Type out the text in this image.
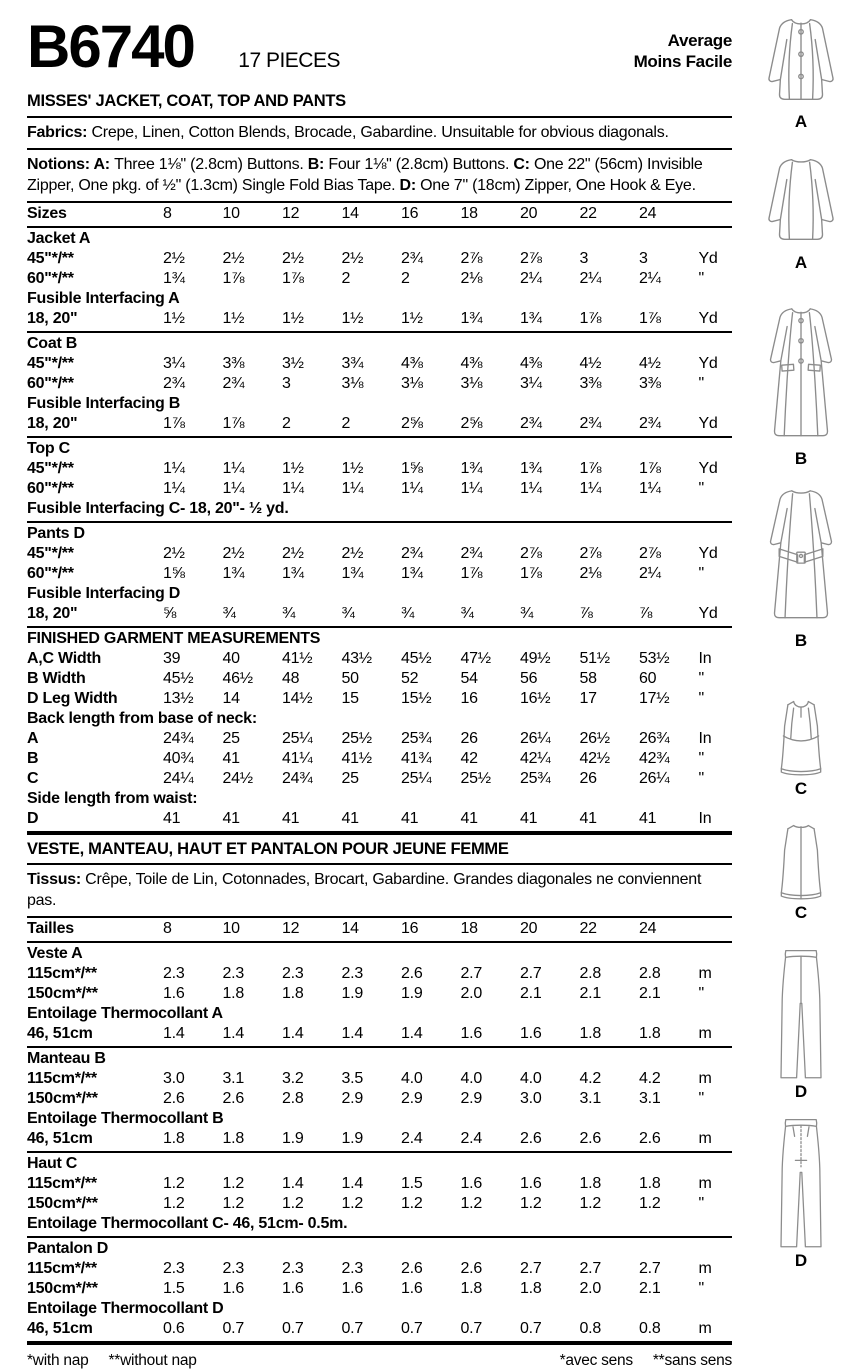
B6740 17 PIECES
Average
Moins Facile
MISSES' JACKET, COAT, TOP AND PANTS
Fabrics: Crepe, Linen, Cotton Blends, Brocade, Gabardine. Unsuitable for obvious diagonals.
Notions: A: Three 1⅛" (2.8cm) Buttons. B: Four 1⅛" (2.8cm) Buttons. C: One 22" (56cm) Invisible Zipper, One pkg. of ½" (1.3cm) Single Fold Bias Tape. D: One 7" (18cm) Zipper, One Hook & Eye.
Sizes	8	10	12	14	16	18	20	22	24
Jacket A
45"*/**	2½	2½	2½	2½	2¾	2⅞	2⅞	3	3	Yd
60"*/**	1¾	1⅞	1⅞	2	2	2⅛	2¼	2¼	2¼	"
Fusible Interfacing A
18, 20"	1½	1½	1½	1½	1½	1¾	1¾	1⅞	1⅞	Yd
Coat B
45"*/**	3¼	3⅜	3½	3¾	4⅜	4⅜	4⅜	4½	4½	Yd
60"*/**	2¾	2¾	3	3⅛	3⅛	3⅛	3¼	3⅜	3⅜	"
Fusible Interfacing B
18, 20"	1⅞	1⅞	2	2	2⅝	2⅝	2¾	2¾	2¾	Yd
Top C
45"*/**	1¼	1¼	1½	1½	1⅝	1¾	1¾	1⅞	1⅞	Yd
60"*/**	1¼	1¼	1¼	1¼	1¼	1¼	1¼	1¼	1¼	"
Fusible Interfacing C- 18, 20"- ½ yd.
Pants D
45"*/**	2½	2½	2½	2½	2¾	2¾	2⅞	2⅞	2⅞	Yd
60"*/**	1⅝	1¾	1¾	1¾	1¾	1⅞	1⅞	2⅛	2¼	"
Fusible Interfacing D
18, 20"	⅝	¾	¾	¾	¾	¾	¾	⅞	⅞	Yd
FINISHED GARMENT MEASUREMENTS
A,C Width	39	40	41½	43½	45½	47½	49½	51½	53½	In
B Width	45½	46½	48	50	52	54	56	58	60	"
D Leg Width	13½	14	14½	15	15½	16	16½	17	17½	"
Back length from base of neck:
A	24¾	25	25¼	25½	25¾	26	26¼	26½	26¾	In
B	40¾	41	41¼	41½	41¾	42	42¼	42½	42¾	"
C	24¼	24½	24¾	25	25¼	25½	25¾	26	26¼	"
Side length from waist:
D	41	41	41	41	41	41	41	41	41	In
VESTE, MANTEAU, HAUT ET PANTALON POUR JEUNE FEMME
Tissus: Crêpe, Toile de Lin, Cotonnades, Brocart, Gabardine. Grandes diagonales ne conviennent pas.
Tailles	8	10	12	14	16	18	20	22	24
Veste A
115cm*/**	2.3	2.3	2.3	2.3	2.6	2.7	2.7	2.8	2.8	m
150cm*/**	1.6	1.8	1.8	1.9	1.9	2.0	2.1	2.1	2.1	"
Entoilage Thermocollant A
46, 51cm	1.4	1.4	1.4	1.4	1.4	1.6	1.6	1.8	1.8	m
Manteau B
115cm*/**	3.0	3.1	3.2	3.5	4.0	4.0	4.0	4.2	4.2	m
150cm*/**	2.6	2.6	2.8	2.9	2.9	2.9	3.0	3.1	3.1	"
Entoilage Thermocollant B
46, 51cm	1.8	1.8	1.9	1.9	2.4	2.4	2.6	2.6	2.6	m
Haut C
115cm*/**	1.2	1.2	1.4	1.4	1.5	1.6	1.6	1.8	1.8	m
150cm*/**	1.2	1.2	1.2	1.2	1.2	1.2	1.2	1.2	1.2	"
Entoilage Thermocollant C- 46, 51cm- 0.5m.
Pantalon D
115cm*/**	2.3	2.3	2.3	2.3	2.6	2.6	2.7	2.7	2.7	m
150cm*/**	1.5	1.6	1.6	1.6	1.6	1.8	1.8	2.0	2.1	"
Entoilage Thermocollant D
46, 51cm	0.6	0.7	0.7	0.7	0.7	0.7	0.7	0.8	0.8	m
*with nap **without nap	*avec sens **sans sens
A
A
B
B
C
C
D
D
